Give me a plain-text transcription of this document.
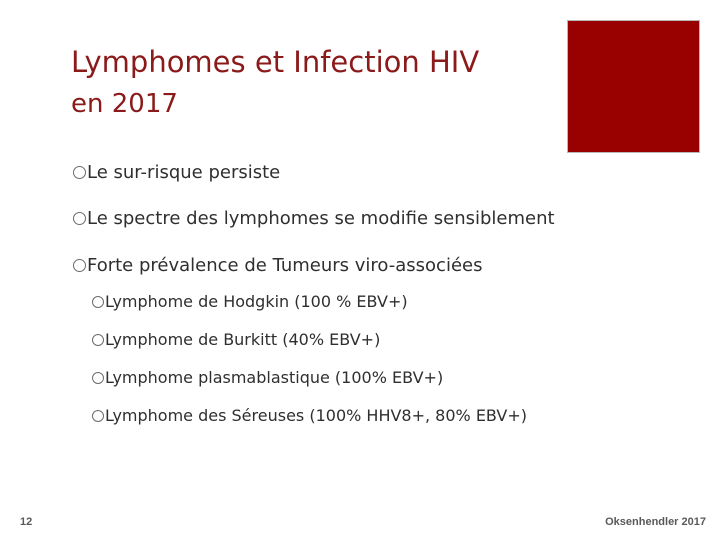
Lymphomes et Infection HIV
en 2017
Le sur-risque persiste
Le spectre des lymphomes se modifie sensiblement
Forte prévalence de Tumeurs viro-associées
Lymphome de Hodgkin (100 % EBV+)
Lymphome de Burkitt (40% EBV+)
Lymphome plasmablastique (100% EBV+)
Lymphome des Séreuses (100% HHV8+, 80% EBV+)
12	Oksenhendler 2017
